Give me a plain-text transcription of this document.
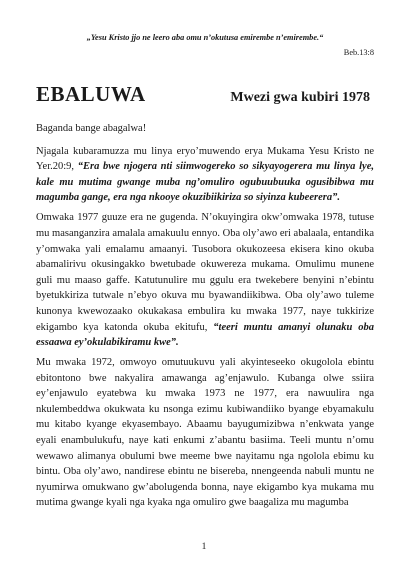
„Yesu Kristo jjo ne leero aba omu n’okutusa emirembe n’emirembe.“
Beb.13:8
EBALUWA	Mwezi gwa kubiri 1978

Baganda bange abagalwa!

Njagala kubaramuzza mu linya eryo’muwendo erya Mukama Yesu Kristo ne Yer.20:9, “Era bwe njogera nti siimwogereko so sikyayogerera mu linya lye, kale mu mutima gwange muba ng’omuliro ogubuubuuka ogusibibwa mu magumba gange, era nga nkooye okuzibiikiriza so siyinza kubeerera”.

Omwaka 1977 guuze era ne gugenda. N’okuyingira okw’omwaka 1978, tutuse mu masanganzira amalala amakuulu ennyo. Oba oly’awo eri abalaala, entandika y’omwaka yali emalamu amaanyi. Tusobora okukozeesa ekisera kino okuba abamalirivu okusingakko bwetubade okuwereza mukama. Omulimu munene guli mu maaso gaffe. Katutunulire mu ggulu era twekebere benyini n’ebintu byetukkiriza tutwale n’ebyo okuva mu byawandiikibwa. Oba oly’awo tuleme kunonya kwewozaako okukakasa embulira ku mwaka 1977, naye tukkirize ekigambo kya katonda okuba ekitufu, “teeri muntu amanyi olunaku oba essaawa ey’okulabikiramu kwe”.

Mu mwaka 1972, omwoyo omutuukuvu yali akyinteseeko okugolola ebintu ebitontono bwe nakyalira amawanga ag’enjawulo. Kubanga olwe ssiira ey’enjawulo eyatebwa ku mwaka 1973 ne 1977, era nawuulira nga nkulembeddwa okukwata ku nsonga ezimu kubiwandiiko byange ebyamakulu mu kitabo kyange ekyasembayo. Abaamu bayugumizibwa n’enkwata yange eyali enambulukufu, naye kati enkumi z’abantu basiima. Teeli muntu n’omu wewawo alimanya obulumi bwe meeme bwe nayitamu nga ngolola ebimu ku bintu. Oba oly’awo, nandirese ebintu ne bisereba, nnengeenda nabuli muntu ne nyumirwa omukwano gw’abolugenda bonna, naye ekigambo kya mukama mu mutima gwange kyali nga kyaka nga omuliro gwe baagaliza mu magumba

1
